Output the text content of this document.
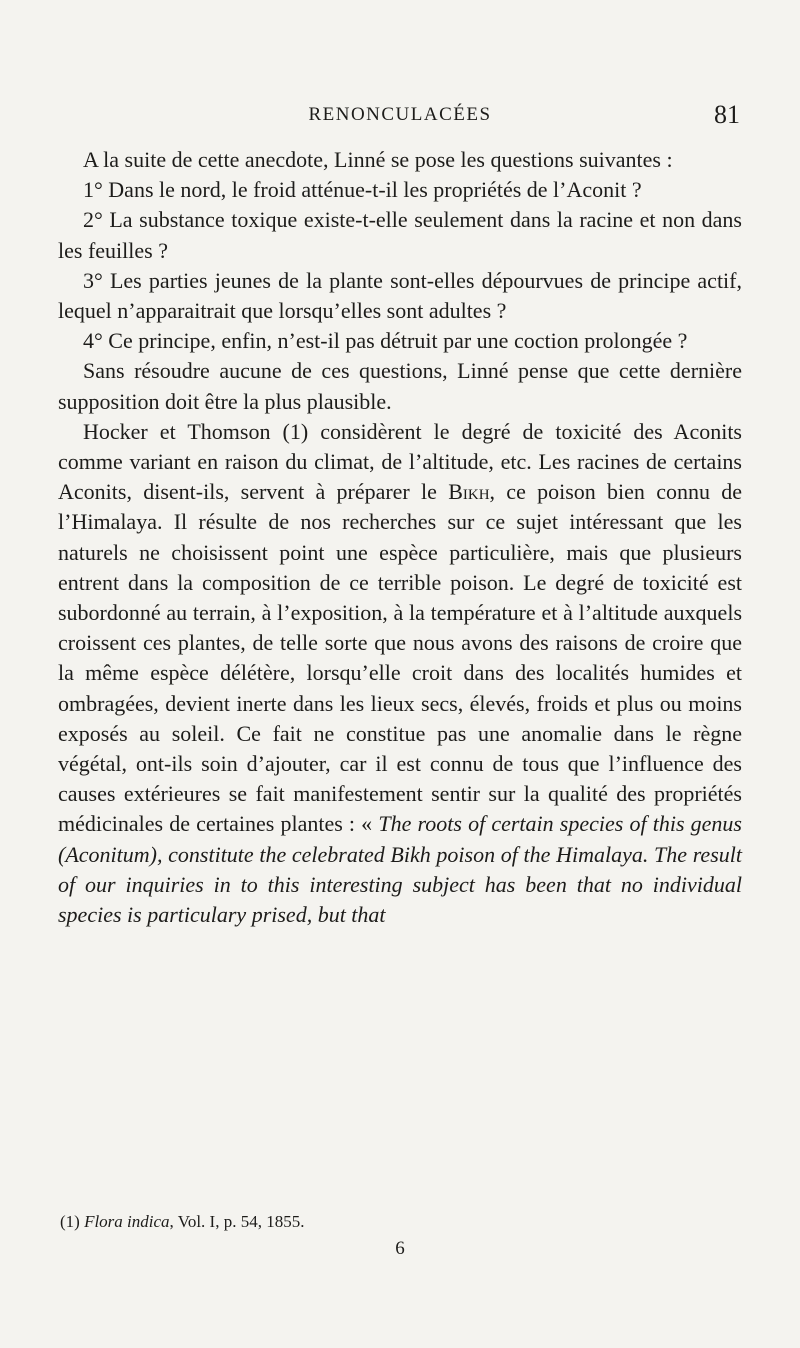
RENONCULACÉES	81

A la suite de cette anecdote, Linné se pose les questions suivantes :

1° Dans le nord, le froid atténue-t-il les propriétés de l’Aconit ?

2° La substance toxique existe-t-elle seulement dans la racine et non dans les feuilles ?

3° Les parties jeunes de la plante sont-elles dépourvues de principe actif, lequel n’apparaitrait que lorsqu’elles sont adultes ?

4° Ce principe, enfin, n’est-il pas détruit par une coction prolongée ?

Sans résoudre aucune de ces questions, Linné pense que cette dernière supposition doit être la plus plausible.

Hocker et Thomson (1) considèrent le degré de toxicité des Aconits comme variant en raison du climat, de l’altitude, etc. Les racines de certains Aconits, disent-ils, servent à préparer le Bikh, ce poison bien connu de l’Himalaya. Il résulte de nos recherches sur ce sujet intéressant que les naturels ne choisissent point une espèce particulière, mais que plusieurs entrent dans la composition de ce terrible poison. Le degré de toxicité est subordonné au terrain, à l’exposition, à la température et à l’altitude auxquels croissent ces plantes, de telle sorte que nous avons des raisons de croire que la même espèce délétère, lorsqu’elle croit dans des localités humides et ombragées, devient inerte dans les lieux secs, élevés, froids et plus ou moins exposés au soleil. Ce fait ne constitue pas une anomalie dans le règne végétal, ont-ils soin d’ajouter, car il est connu de tous que l’influence des causes extérieures se fait manifestement sentir sur la qualité des propriétés médicinales de certaines plantes : « The roots of certain species of this genus (Aconitum), constitute the celebrated Bikh poison of the Himalaya. The result of our inquiries in to this interesting subject has been that no individual species is particulary prised, but that

(1) Flora indica, Vol. I, p. 54, 1855.
6
